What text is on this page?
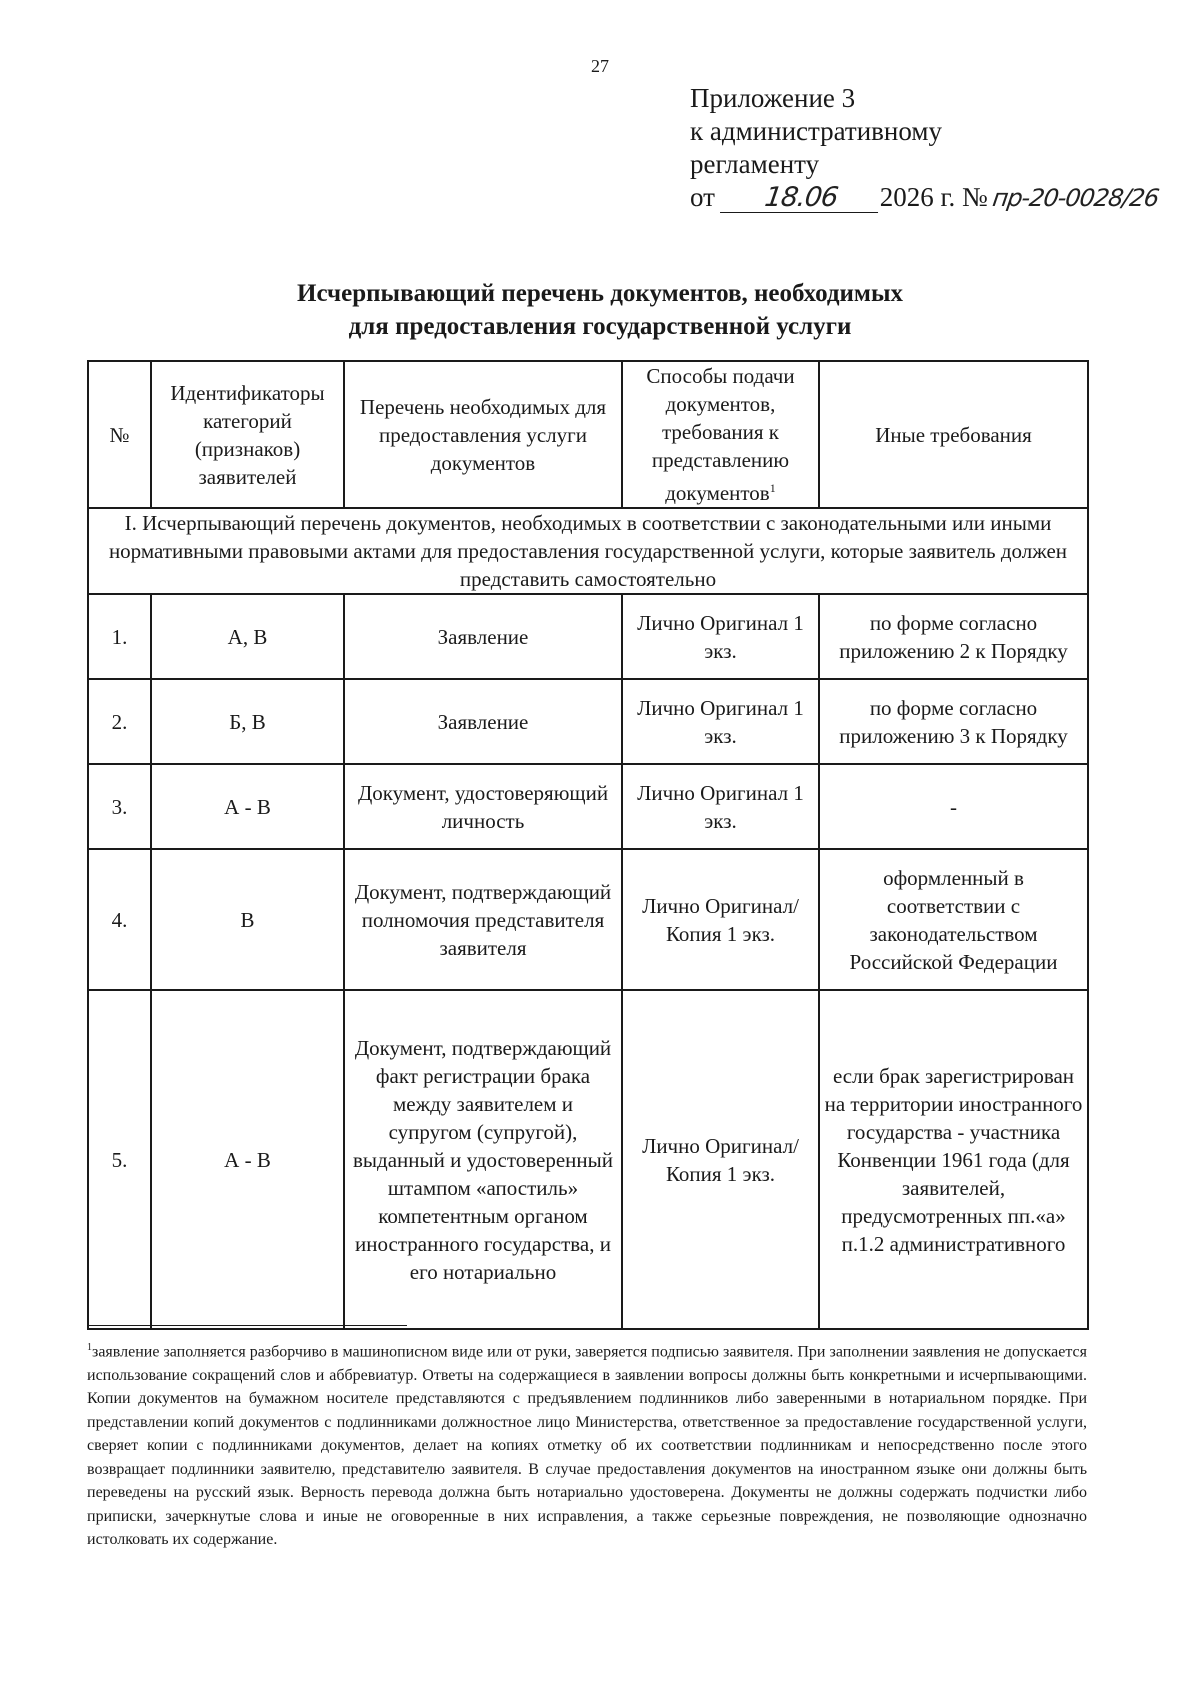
27
Приложение 3
к административному
регламенту
от 18.06 2026 г. № пр-20-0028/26
Исчерпывающий перечень документов, необходимых
для предоставления государственной услуги
№	Идентификаторы категорий (признаков) заявителей	Перечень необходимых для предоставления услуги документов	Способы подачи документов, требования к представлению документов$^1$	Иные требования
I. Исчерпывающий перечень документов, необходимых в соответствии с законодательными или иными нормативными правовыми актами для предоставления государственной услуги, которые заявитель должен представить самостоятельно				
1.	А, В	Заявление	Лично Оригинал 1 экз.	по форме согласно приложению 2 к Порядку
2.	Б, В	Заявление	Лично Оригинал 1 экз.	по форме согласно приложению 3 к Порядку
3.	А - В	Документ, удостоверяющий личность	Лично Оригинал 1 экз.	-
4.	В	Документ, подтверждающий полномочия представителя заявителя	Лично Оригинал/Копия 1 экз.	оформленный в соответствии с законодательством Российской Федерации
5.	А - В	Документ, подтверждающий факт регистрации брака между заявителем и супругом (супругой), выданный и удостоверенный штампом «апостиль» компетентным органом иностранного государства, и его нотариально	Лично Оригинал/Копия 1 экз.	если брак зарегистрирован на территории иностранного государства - участника Конвенции 1961 года (для заявителей, предусмотренных пп.«а» п.1.2 административного
$^1$заявление заполняется разборчиво в машинописном виде или от руки, заверяется подписью заявителя. При заполнении заявления не допускается использование сокращений слов и аббревиатур. Ответы на содержащиеся в заявлении вопросы должны быть конкретными и исчерпывающими. Копии документов на бумажном носителе представляются с предъявлением подлинников либо заверенными в нотариальном порядке. При представлении копий документов с подлинниками должностное лицо Министерства, ответственное за предоставление государственной услуги, сверяет копии с подлинниками документов, делает на копиях отметку об их соответствии подлинникам и непосредственно после этого возвращает подлинники заявителю, представителю заявителя. В случае предоставления документов на иностранном языке они должны быть переведены на русский язык. Верность перевода должна быть нотариально удостоверена. Документы не должны содержать подчистки либо приписки, зачеркнутые слова и иные не оговоренные в них исправления, а также серьезные повреждения, не позволяющие однозначно истолковать их содержание.
